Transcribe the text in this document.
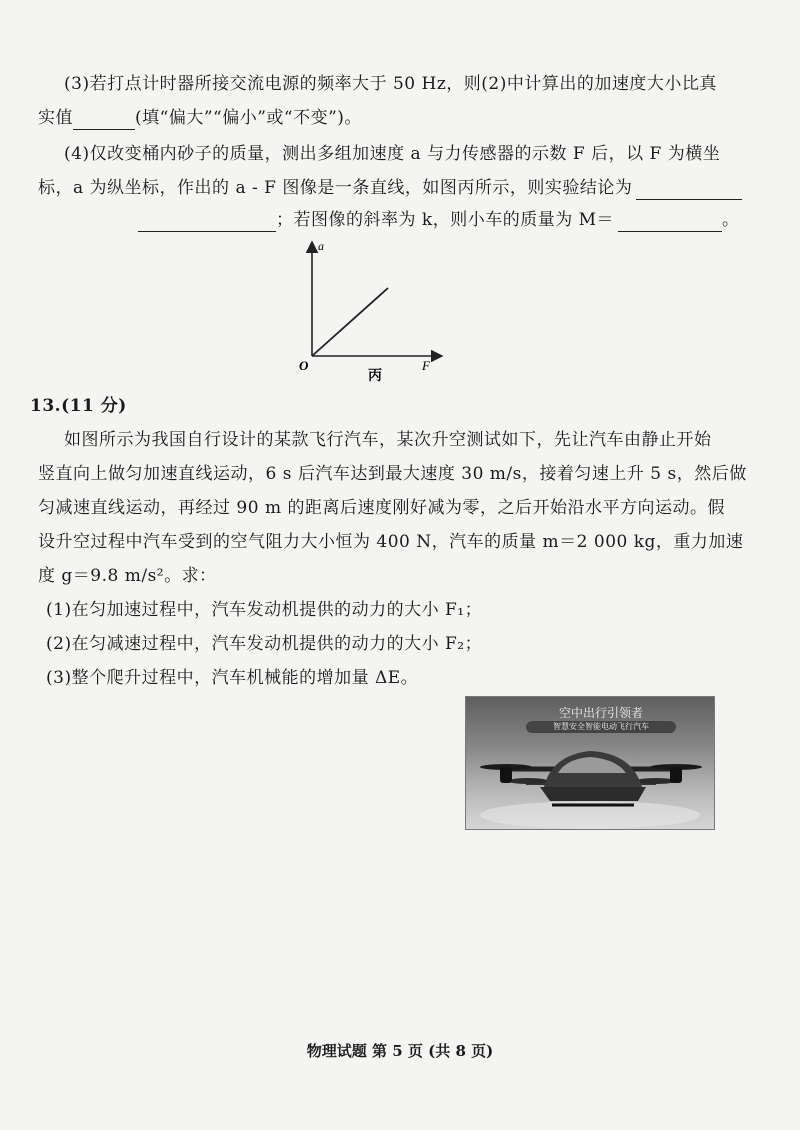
(3)若打点计时器所接交流电源的频率大于 50 Hz，则(2)中计算出的加速度大小比真
实值	(填“偏大”“偏小”或“不变”)。
(4)仅改变桶内砂子的质量，测出多组加速度 a 与力传感器的示数 F 后，以 F 为横坐
标，a 为纵坐标，作出的 a - F 图像是一条直线，如图丙所示，则实验结论为
；若图像的斜率为 k，则小车的质量为 M＝	。
a
F
O
丙
13.(11 分)
如图所示为我国自行设计的某款飞行汽车，某次升空测试如下，先让汽车由静止开始
竖直向上做匀加速直线运动，6 s 后汽车达到最大速度 30 m/s，接着匀速上升 5 s，然后做
匀减速直线运动，再经过 90 m 的距离后速度刚好减为零，之后开始沿水平方向运动。假
设升空过程中汽车受到的空气阻力大小恒为 400 N，汽车的质量 m＝2 000 kg，重力加速
度 g＝9.8 m/s²。求：
(1)在匀加速过程中，汽车发动机提供的动力的大小 F₁；
(2)在匀减速过程中，汽车发动机提供的动力的大小 F₂；
(3)整个爬升过程中，汽车机械能的增加量 ΔE。
空中出行引领者
智慧安全智能电动飞行汽车
物理试题 第 5 页 (共 8 页)
